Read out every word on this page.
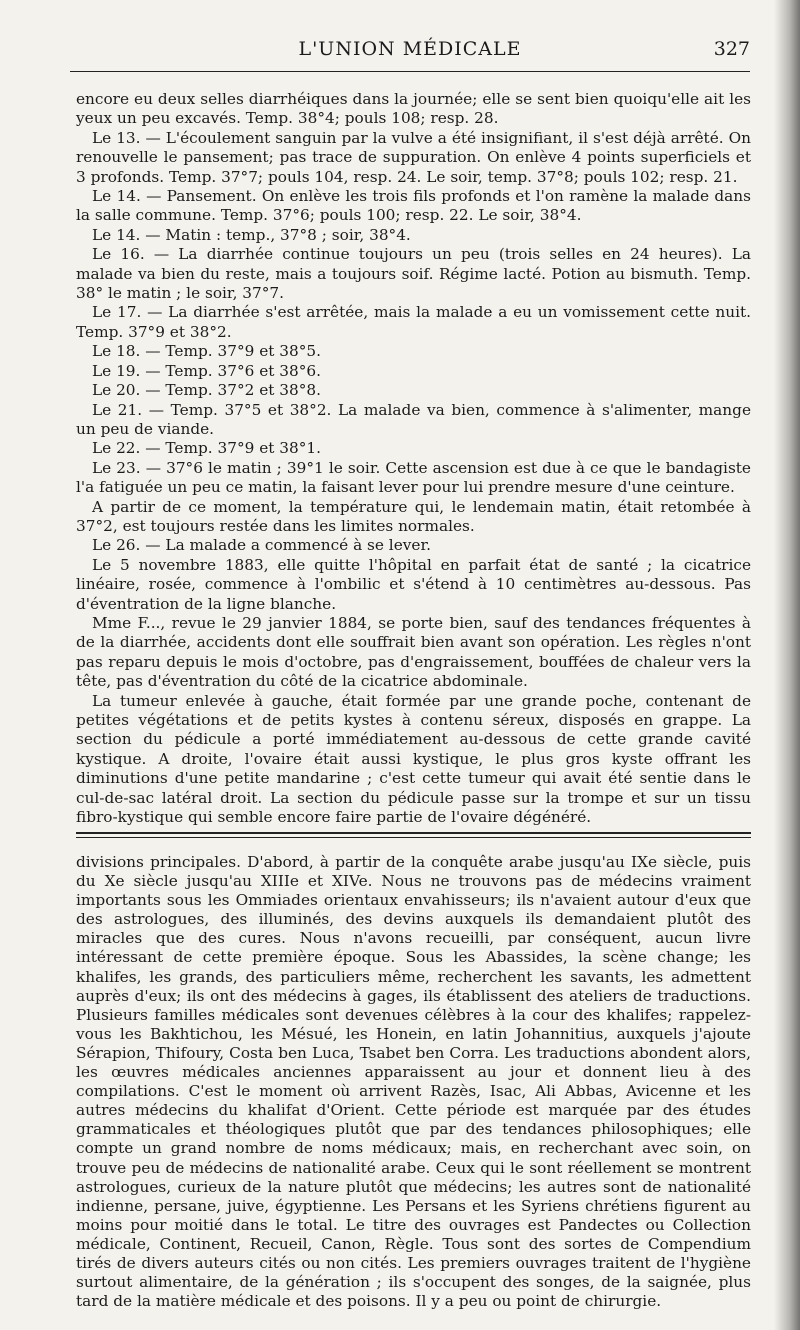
L'UNION MÉDICALE	327

encore eu deux selles diarrhéiques dans la journée; elle se sent bien quoiqu'elle ait les yeux un peu excavés. Temp. 38°4; pouls 108; resp. 28.

Le 13. — L'écoulement sanguin par la vulve a été insignifiant, il s'est déjà arrêté. On renouvelle le pansement; pas trace de suppuration. On enlève 4 points superficiels et 3 profonds. Temp. 37°7; pouls 104, resp. 24. Le soir, temp. 37°8; pouls 102; resp. 21.

Le 14. — Pansement. On enlève les trois fils profonds et l'on ramène la malade dans la salle commune. Temp. 37°6; pouls 100; resp. 22. Le soir, 38°4.

Le 14. — Matin : temp., 37°8 ; soir, 38°4.

Le 16. — La diarrhée continue toujours un peu (trois selles en 24 heures). La malade va bien du reste, mais a toujours soif. Régime lacté. Potion au bismuth. Temp. 38° le matin ; le soir, 37°7.

Le 17. — La diarrhée s'est arrêtée, mais la malade a eu un vomissement cette nuit. Temp. 37°9 et 38°2.

Le 18. — Temp. 37°9 et 38°5.

Le 19. — Temp. 37°6 et 38°6.

Le 20. — Temp. 37°2 et 38°8.

Le 21. — Temp. 37°5 et 38°2. La malade va bien, commence à s'alimenter, mange un peu de viande.

Le 22. — Temp. 37°9 et 38°1.

Le 23. — 37°6 le matin ; 39°1 le soir. Cette ascension est due à ce que le bandagiste l'a fatiguée un peu ce matin, la faisant lever pour lui prendre mesure d'une ceinture.

A partir de ce moment, la température qui, le lendemain matin, était retombée à 37°2, est toujours restée dans les limites normales.

Le 26. — La malade a commencé à se lever.

Le 5 novembre 1883, elle quitte l'hôpital en parfait état de santé ; la cicatrice linéaire, rosée, commence à l'ombilic et s'étend à 10 centimètres au-dessous. Pas d'éventration de la ligne blanche.

Mme F..., revue le 29 janvier 1884, se porte bien, sauf des tendances fréquentes à de la diarrhée, accidents dont elle souffrait bien avant son opération. Les règles n'ont pas reparu depuis le mois d'octobre, pas d'engraissement, bouffées de chaleur vers la tête, pas d'éventration du côté de la cicatrice abdominale.

La tumeur enlevée à gauche, était formée par une grande poche, contenant de petites végétations et de petits kystes à contenu séreux, disposés en grappe. La section du pédicule a porté immédiatement au-dessous de cette grande cavité kystique. A droite, l'ovaire était aussi kystique, le plus gros kyste offrant les diminutions d'une petite mandarine ; c'est cette tumeur qui avait été sentie dans le cul-de-sac latéral droit. La section du pédicule passe sur la trompe et sur un tissu fibro-kystique qui semble encore faire partie de l'ovaire dégénéré.

divisions principales. D'abord, à partir de la conquête arabe jusqu'au IXe siècle, puis du Xe siècle jusqu'au XIIIe et XIVe. Nous ne trouvons pas de médecins vraiment importants sous les Ommiades orientaux envahisseurs; ils n'avaient autour d'eux que des astrologues, des illuminés, des devins auxquels ils demandaient plutôt des miracles que des cures. Nous n'avons recueilli, par conséquent, aucun livre intéressant de cette première époque. Sous les Abassides, la scène change; les khalifes, les grands, des particuliers même, recherchent les savants, les admettent auprès d'eux; ils ont des médecins à gages, ils établissent des ateliers de traductions. Plusieurs familles médicales sont devenues célèbres à la cour des khalifes; rappelez-vous les Bakhtichou, les Mésué, les Honein, en latin Johannitius, auxquels j'ajoute Sérapion, Thifoury, Costa ben Luca, Tsabet ben Corra. Les traductions abondent alors, les œuvres médicales anciennes apparaissent au jour et donnent lieu à des compilations. C'est le moment où arrivent Razès, Isac, Ali Abbas, Avicenne et les autres médecins du khalifat d'Orient. Cette période est marquée par des études grammaticales et théologiques plutôt que par des tendances philosophiques; elle compte un grand nombre de noms médicaux; mais, en recherchant avec soin, on trouve peu de médecins de nationalité arabe. Ceux qui le sont réellement se montrent astrologues, curieux de la nature plutôt que médecins; les autres sont de nationalité indienne, persane, juive, égyptienne. Les Persans et les Syriens chrétiens figurent au moins pour moitié dans le total. Le titre des ouvrages est Pandectes ou Collection médicale, Continent, Recueil, Canon, Règle. Tous sont des sortes de Compendium tirés de divers auteurs cités ou non cités. Les premiers ouvrages traitent de l'hygiène surtout alimentaire, de la génération ; ils s'occupent des songes, de la saignée, plus tard de la matière médicale et des poisons. Il y a peu ou point de chirurgie.
